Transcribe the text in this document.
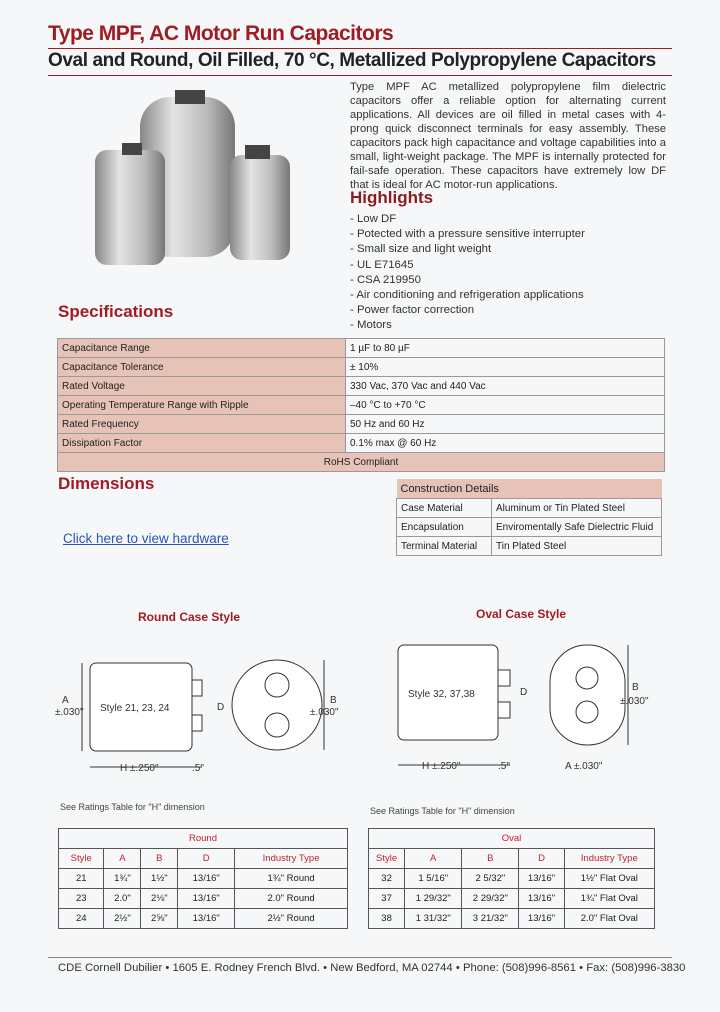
Type MPF, AC Motor Run Capacitors
Oval and Round, Oil Filled, 70 °C, Metallized Polypropylene Capacitors
Type MPF AC metallized polypropylene film dielectric capacitors offer a reliable option for alternating current applications. All devices are oil filled in metal cases with 4-prong quick disconnect terminals for easy assembly. These capacitors pack high capacitance and voltage capabilities into a small, light-weight package. The MPF is internally protected for fail-safe operation. These capacitors have extremely low DF that is ideal for AC motor-run applications.
Highlights
- Low DF
- Potected with a pressure sensitive interrupter
- Small size and light weight
- UL E71645
- CSA 219950
- Air conditioning and refrigeration applications
- Power factor correction
- Motors
Specifications
Capacitance Range	1 µF to 80 µF
Capacitance Tolerance	± 10%
Rated Voltage	330 Vac, 370 Vac and 440 Vac
Operating Temperature Range with Ripple	–40 °C to +70 °C
Rated Frequency	50 Hz and 60 Hz
Dissipation Factor	0.1% max @ 60 Hz
RoHS Compliant	
Dimensions
Click here to view hardware
Construction Details	
Case Material	Aluminum or Tin Plated Steel
Encapsulation	Enviromentally Safe Dielectric Fluid
Terminal Material	Tin Plated Steel
Round Case Style
A
±.030" Style 21, 23, 24	D
B
±.030"
H ±.250"	.5"
See Ratings Table for "H" dimension
Oval Case Style
Style 32, 37,38	D	B
±.030"
H ±.250"	.5"	A ±.030"
See Ratings Table for "H" dimension
Round				
Style	A	B	D	Industry Type
21	1¾"	1½"	13/16"	1¾" Round
23	2.0"	2⅛"	13/16"	2.0" Round
24	2½"	2⅝"	13/16"	2½" Round
Oval				
Style	A	B	D	Industry Type
32	1 5/16"	2 5/32"	13/16"	1½" Flat Oval
37	1 29/32"	2 29/32"	13/16"	1¾" Flat Oval
38	1 31/32"	3 21/32"	13/16"	2.0" Flat Oval
CDE Cornell Dubilier • 1605 E. Rodney French Blvd. • New Bedford, MA 02744 • Phone: (508)996-8561 • Fax: (508)996-3830
